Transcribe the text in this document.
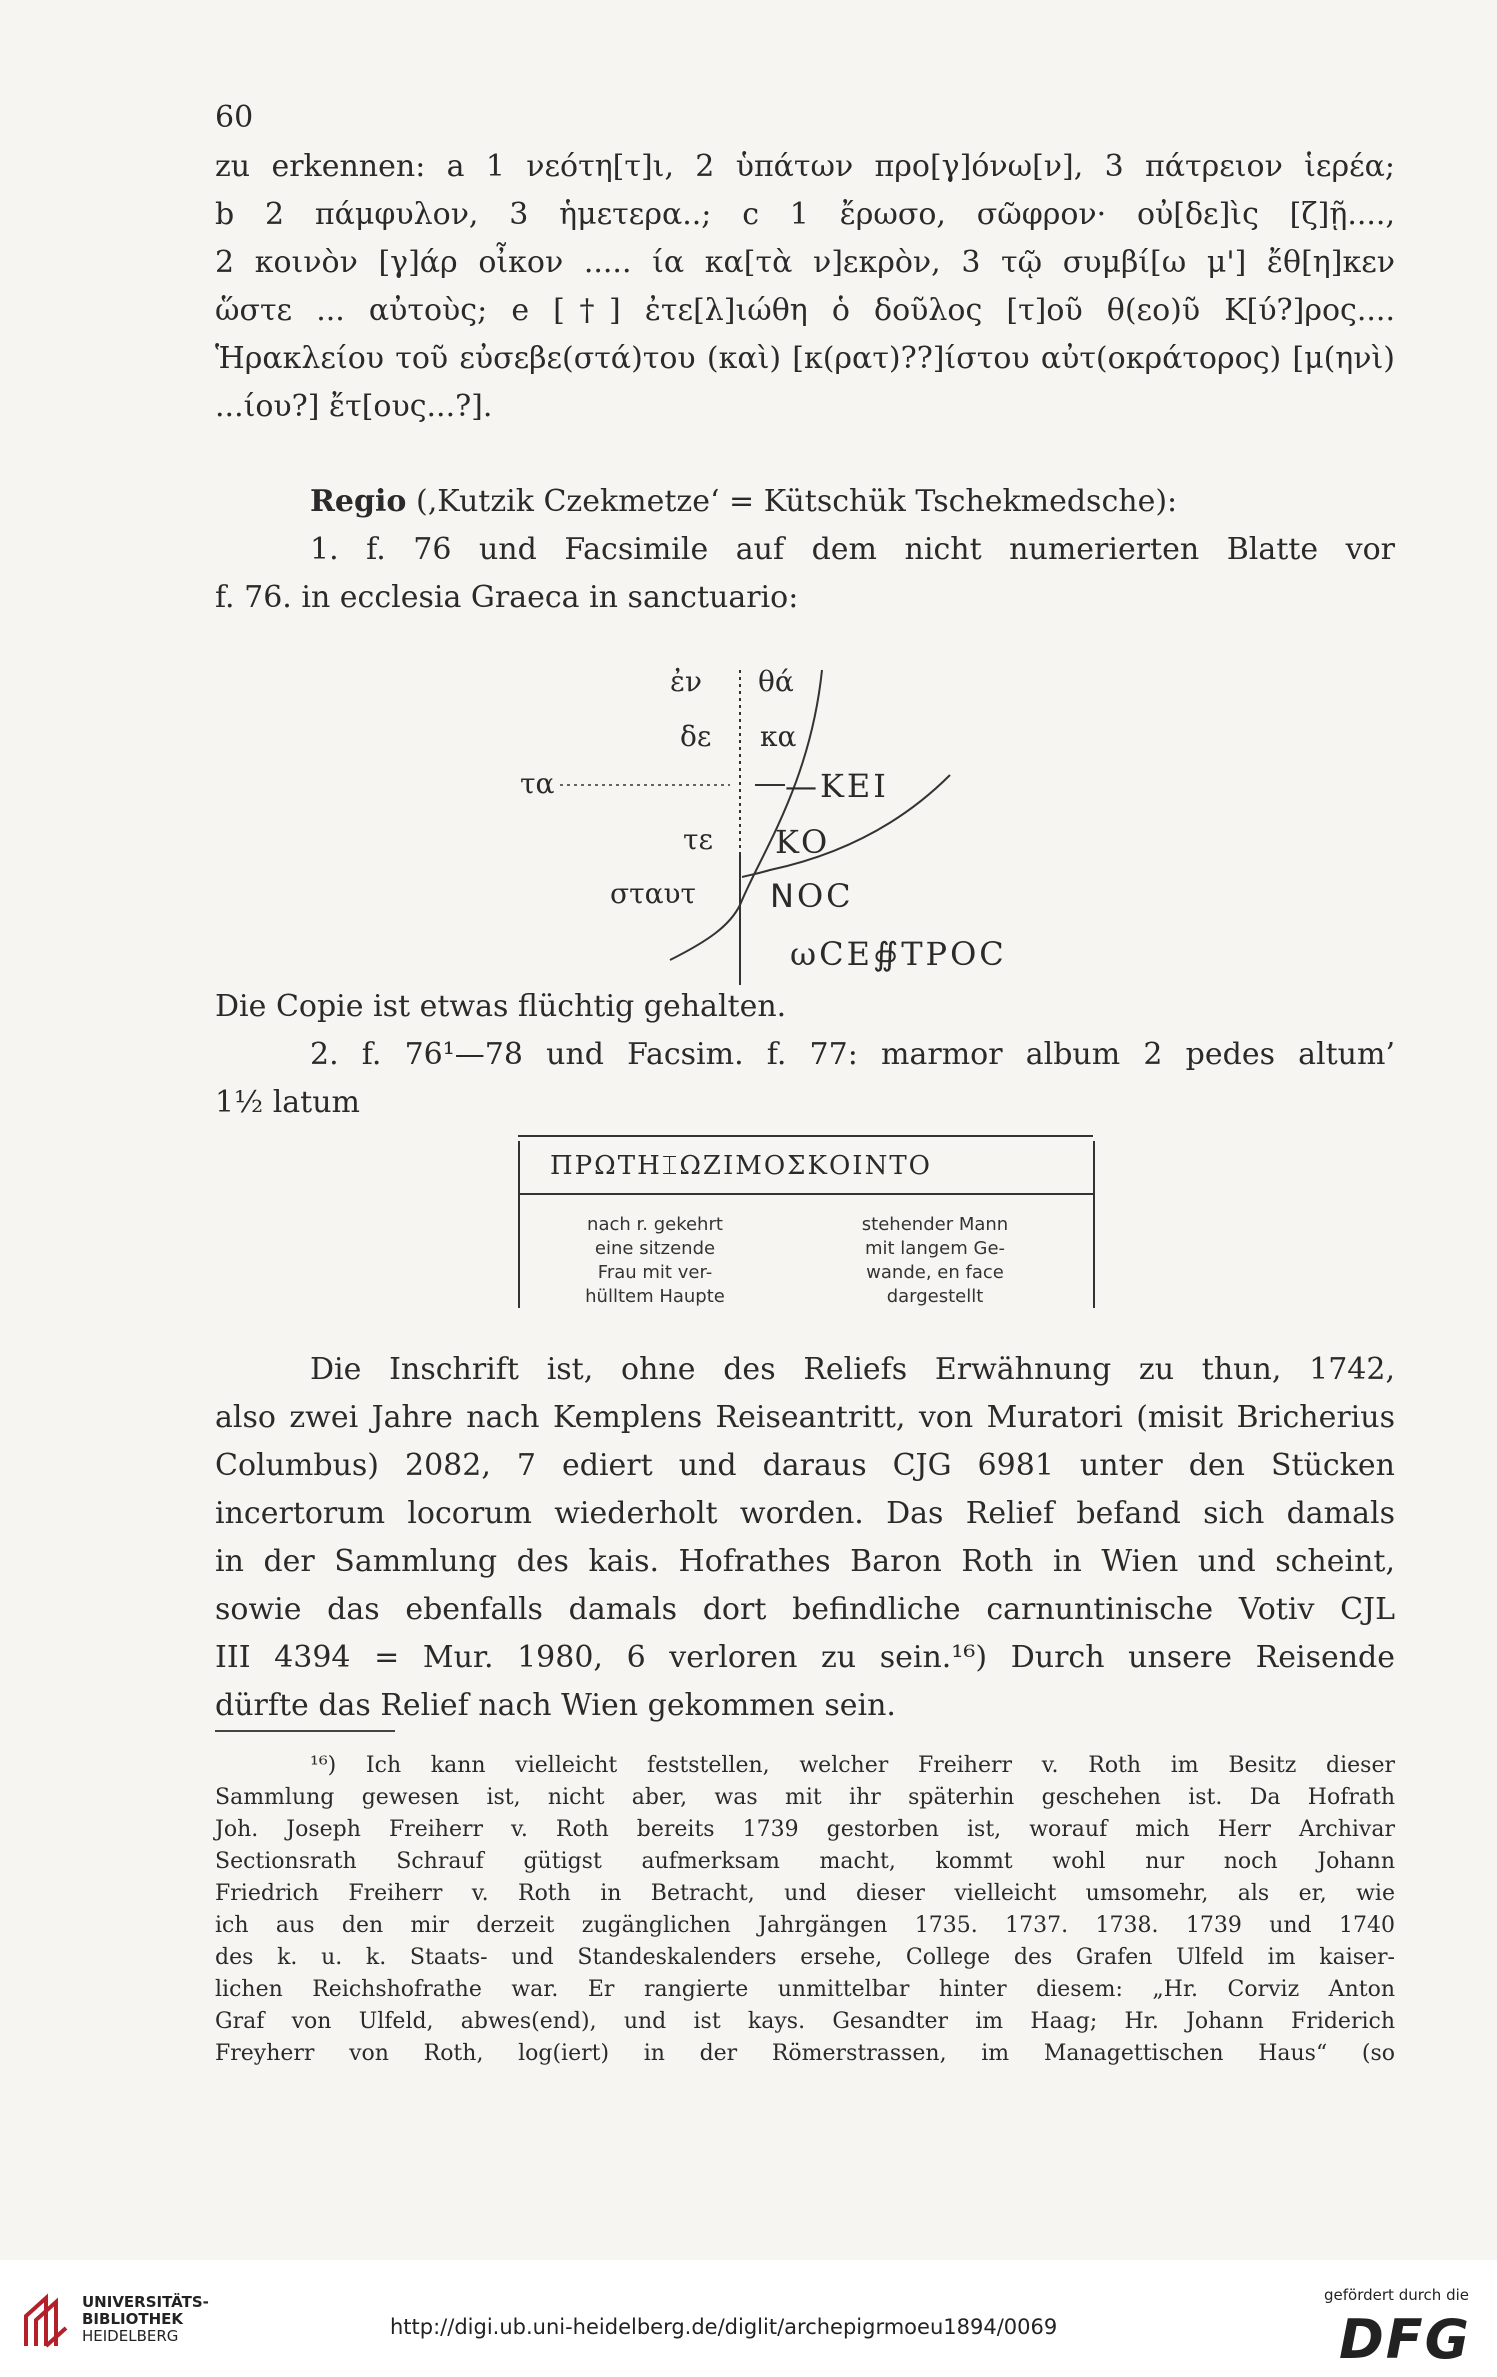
60

zu erkennen: a 1 νεότη[τ]ι, 2 ὑπάτων προ[γ]όνω[ν], 3 πάτρειον ἱερέα;

b 2 πάμφυλον, 3 ἡμετερα..; c 1 ἔρωσο, σῶφρον· οὐ[δε]ὶς [ζ]ῇ....,

2 κοινὸν [γ]άρ οἶκον ..... ία κα[τὰ ν]εκρὸν, 3 τῷ συμβί[ω μ'] ἔθ[η]κεν

ὥστε ... αὐτοὺς; e [†] ἐτε[λ]ιώθη ὁ δοῦλος [τ]οῦ θ(εο)ῦ Κ[ύ?]ρος....

Ἡρακλείου τοῦ εὐσεβε(στά)του (καὶ) [κ(ρατ)??]ίστου αὐτ(οκράτορος) [μ(ηνὶ)

...ίου?] ἔτ[ους...?].

Regio (‚Kutzik Czekmetze‘ = Kütschük Tschekmedsche):

1. f. 76 und Facsimile auf dem nicht numerierten Blatte vor

f. 76. in ecclesia Graeca in sanctuario:

ἐν θά
δε κα
τα
τε
σταυτ
—KEI
KO
ꓠOC
ωCE∯TPOC

Die Copie ist etwas flüchtig gehalten.

2. f. 76¹—78 und Facsim. f. 77: marmor album 2 pedes altum’

1½ latum

ΠΡΩΤΗ⌶ΩΖΙΜΟΣΚΟΙΝΤΟ
nach r. gekehrt
eine sitzende
Frau mit ver-
hülltem Haupte
stehender Mann
mit langem Ge-
wande, en face
dargestellt

Die Inschrift ist, ohne des Reliefs Erwähnung zu thun, 1742,

also zwei Jahre nach Kemplens Reiseantritt, von Muratori (misit Bricherius

Columbus) 2082, 7 ediert und daraus CJG 6981 unter den Stücken

incertorum locorum wiederholt worden. Das Relief befand sich damals

in der Sammlung des kais. Hofrathes Baron Roth in Wien und scheint,

sowie das ebenfalls damals dort befindliche carnuntinische Votiv CJL

III 4394 = Mur. 1980, 6 verloren zu sein.¹⁶) Durch unsere Reisende

dürfte das Relief nach Wien gekommen sein.

¹⁶) Ich kann vielleicht feststellen, welcher Freiherr v. Roth im Besitz dieser

Sammlung gewesen ist, nicht aber, was mit ihr späterhin geschehen ist. Da Hofrath

Joh. Joseph Freiherr v. Roth bereits 1739 gestorben ist, worauf mich Herr Archivar

Sectionsrath Schrauf gütigst aufmerksam macht, kommt wohl nur noch Johann

Friedrich Freiherr v. Roth in Betracht, und dieser vielleicht umsomehr, als er, wie

ich aus den mir derzeit zugänglichen Jahrgängen 1735. 1737. 1738. 1739 und 1740

des k. u. k. Staats- und Standeskalenders ersehe, College des Grafen Ulfeld im kaiser-

lichen Reichshofrathe war. Er rangierte unmittelbar hinter diesem: „Hr. Corviz Anton

Graf von Ulfeld, abwes(end), und ist kays. Gesandter im Haag; Hr. Johann Friderich

Freyherr von Roth, log(iert) in der Römerstrassen, im Managettischen Haus“ (so

UNIVERSITÄTS-
BIBLIOTHEK
HEIDELBERG	http://digi.ub.uni-heidelberg.de/diglit/archepigrmoeu1894/0069
gefördert durch die
DFG
